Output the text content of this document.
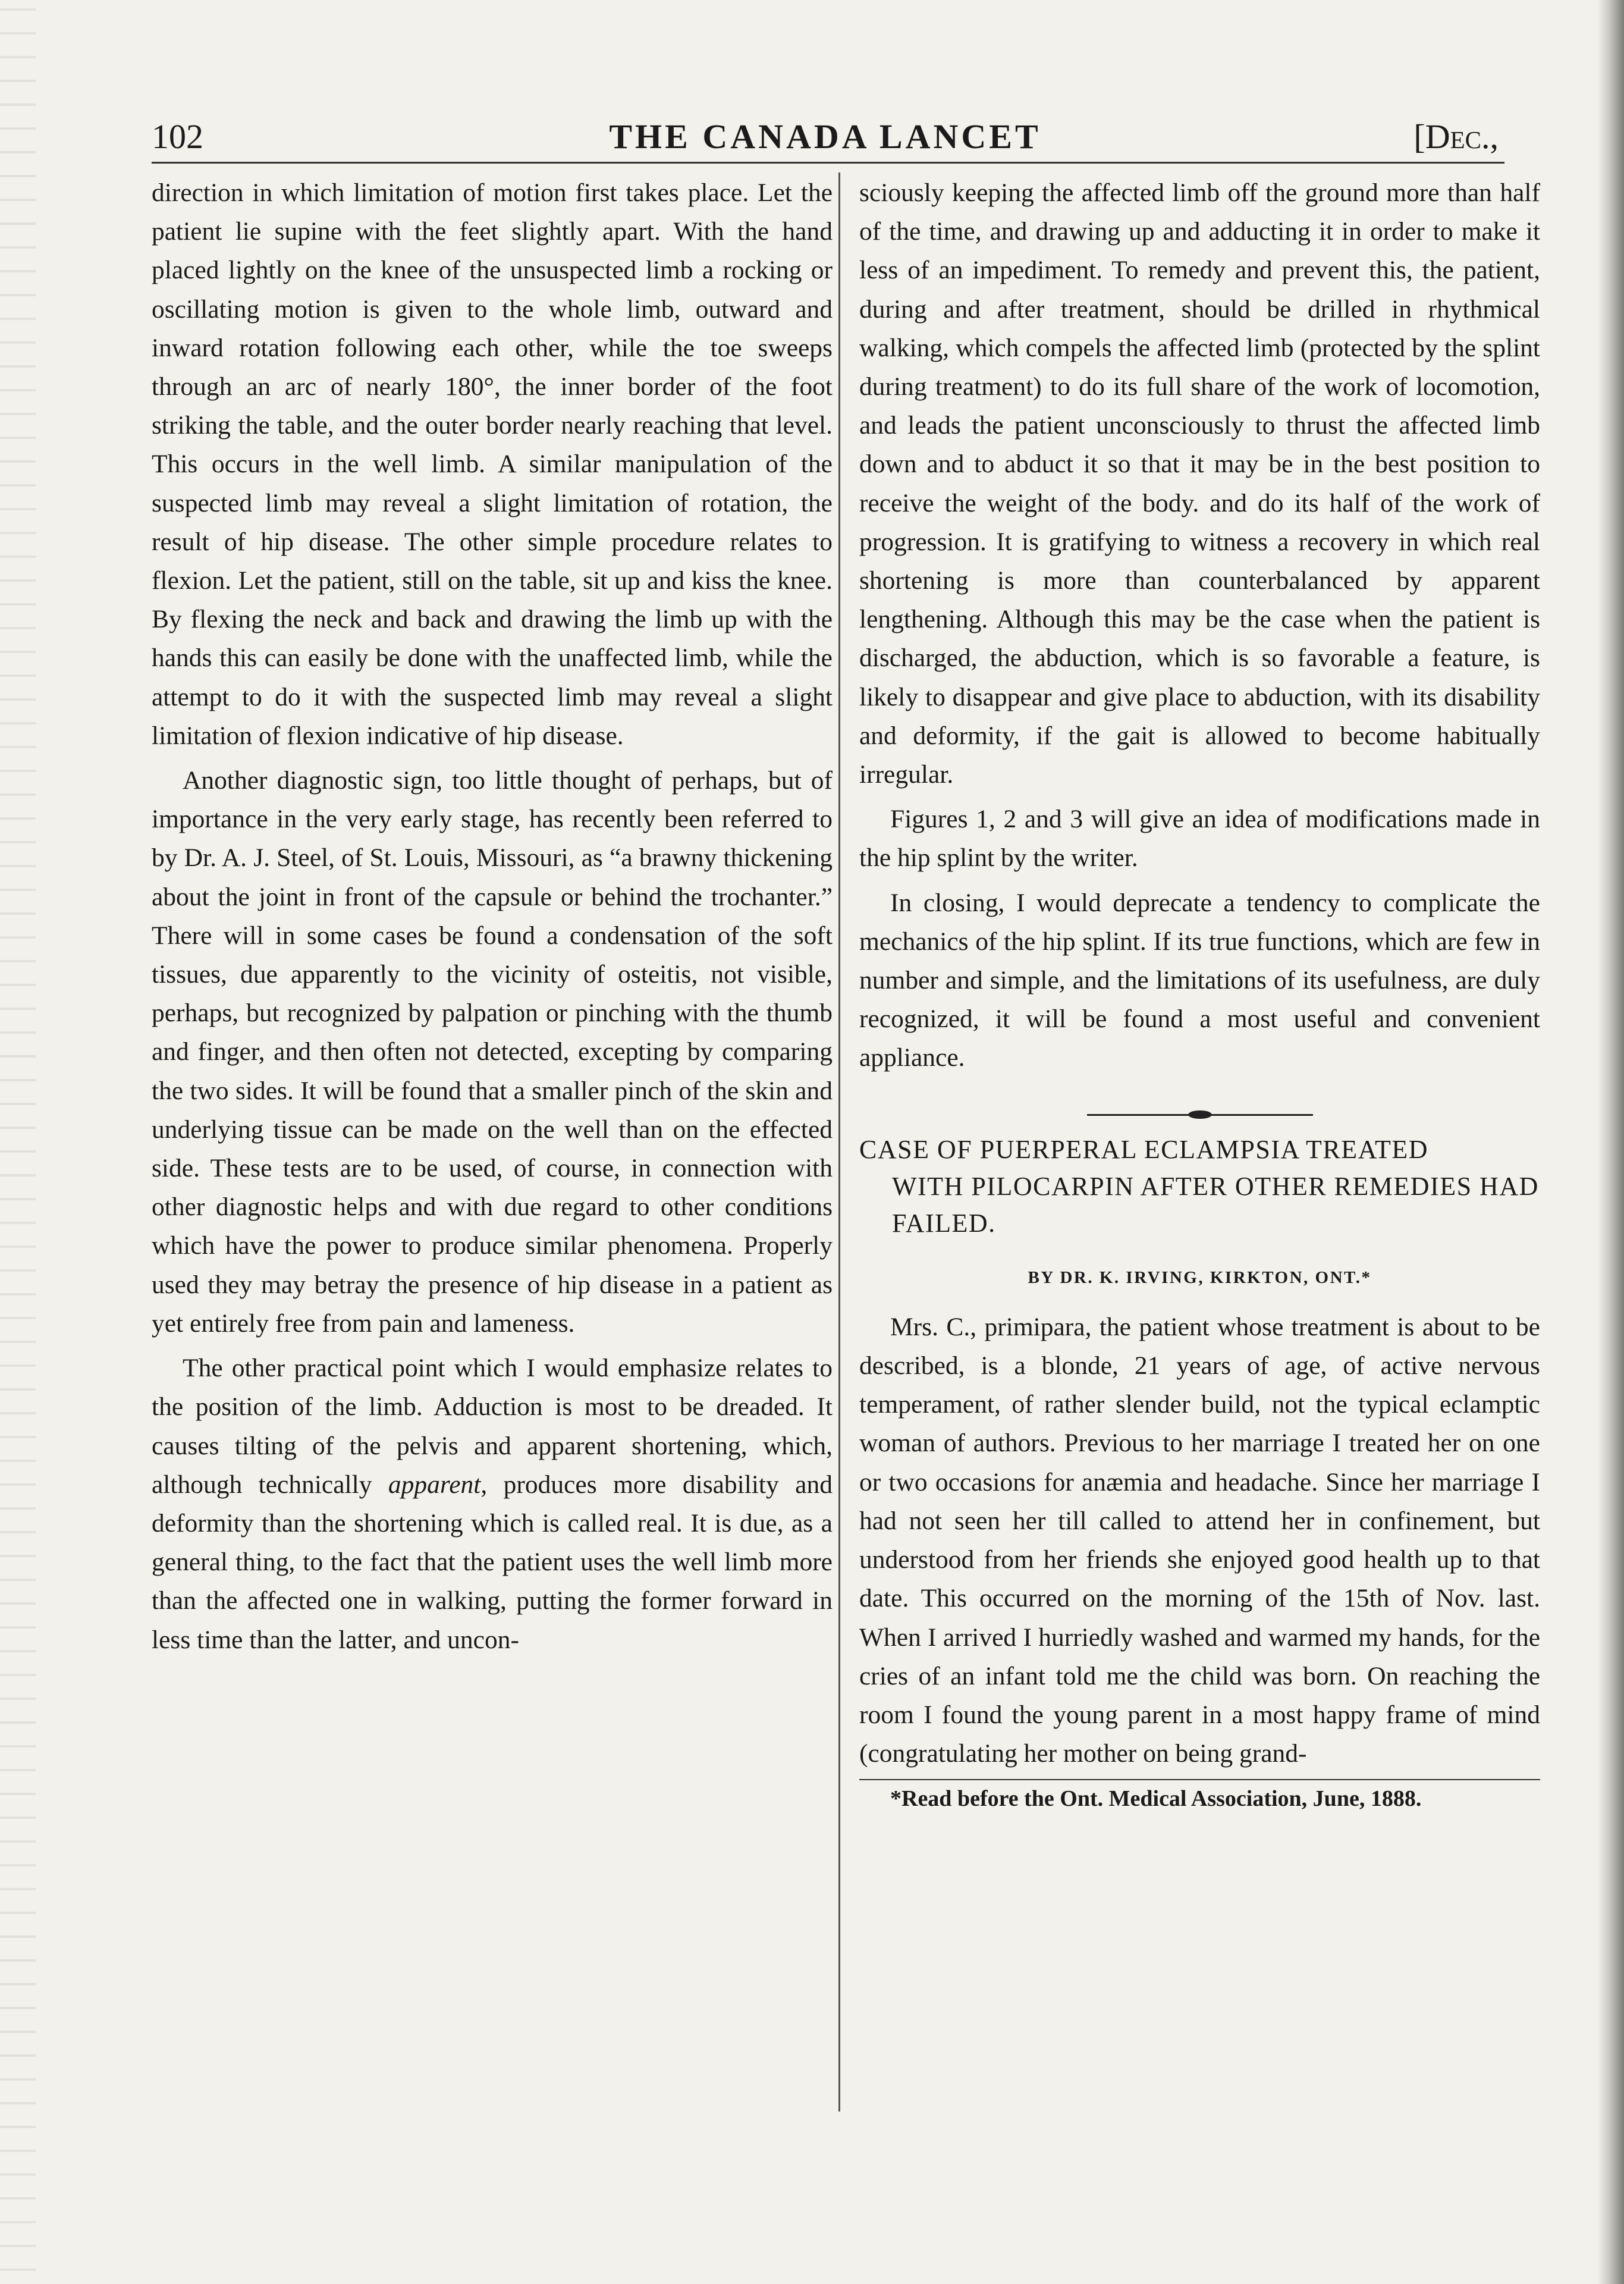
102	THE CANADA LANCET	[Dec.,

direction in which limitation of motion first takes place. Let the patient lie supine with the feet slightly apart. With the hand placed lightly on the knee of the unsuspected limb a rocking or oscillating motion is given to the whole limb, outward and inward rotation following each other, while the toe sweeps through an arc of nearly 180°, the inner border of the foot striking the table, and the outer border nearly reaching that level. This occurs in the well limb. A similar manipulation of the suspected limb may reveal a slight limitation of rotation, the result of hip disease. The other simple procedure relates to flexion. Let the patient, still on the table, sit up and kiss the knee. By flexing the neck and back and drawing the limb up with the hands this can easily be done with the unaffected limb, while the attempt to do it with the suspected limb may reveal a slight limitation of flexion indicative of hip disease.

Another diagnostic sign, too little thought of perhaps, but of importance in the very early stage, has recently been referred to by Dr. A. J. Steel, of St. Louis, Missouri, as “a brawny thickening about the joint in front of the capsule or behind the trochanter.” There will in some cases be found a condensation of the soft tissues, due apparently to the vicinity of osteitis, not visible, perhaps, but recognized by palpation or pinching with the thumb and finger, and then often not detected, excepting by comparing the two sides. It will be found that a smaller pinch of the skin and underlying tissue can be made on the well than on the effected side. These tests are to be used, of course, in connection with other diagnostic helps and with due regard to other conditions which have the power to produce similar phenomena. Properly used they may betray the presence of hip disease in a patient as yet entirely free from pain and lameness.

The other practical point which I would emphasize relates to the position of the limb. Adduction is most to be dreaded. It causes tilting of the pelvis and apparent shortening, which, although technically apparent, produces more disability and deformity than the shortening which is called real. It is due, as a general thing, to the fact that the patient uses the well limb more than the affected one in walking, putting the former forward in less time than the latter, and uncon-

sciously keeping the affected limb off the ground more than half of the time, and drawing up and adducting it in order to make it less of an impediment. To remedy and prevent this, the patient, during and after treatment, should be drilled in rhythmical walking, which compels the affected limb (protected by the splint during treatment) to do its full share of the work of locomotion, and leads the patient unconsciously to thrust the affected limb down and to abduct it so that it may be in the best position to receive the weight of the body. and do its half of the work of progression. It is gratifying to witness a recovery in which real shortening is more than counterbalanced by apparent lengthening. Although this may be the case when the patient is discharged, the abduction, which is so favorable a feature, is likely to disappear and give place to abduction, with its disability and deformity, if the gait is allowed to become habitually irregular.

Figures 1, 2 and 3 will give an idea of modifications made in the hip splint by the writer.

In closing, I would deprecate a tendency to complicate the mechanics of the hip splint. If its true functions, which are few in number and simple, and the limitations of its usefulness, are duly recognized, it will be found a most useful and convenient appliance.

CASE OF PUERPERAL ECLAMPSIA TREATED
WITH PILOCARPIN AFTER OTHER REMEDIES HAD FAILED.
BY DR. K. IRVING, KIRKTON, ONT.*

Mrs. C., primipara, the patient whose treatment is about to be described, is a blonde, 21 years of age, of active nervous temperament, of rather slender build, not the typical eclamptic woman of authors. Previous to her marriage I treated her on one or two occasions for anæmia and headache. Since her marriage I had not seen her till called to attend her in confinement, but understood from her friends she enjoyed good health up to that date. This occurred on the morning of the 15th of Nov. last. When I arrived I hurriedly washed and warmed my hands, for the cries of an infant told me the child was born. On reaching the room I found the young parent in a most happy frame of mind (congratulating her mother on being grand-

*Read before the Ont. Medical Association, June, 1888.
